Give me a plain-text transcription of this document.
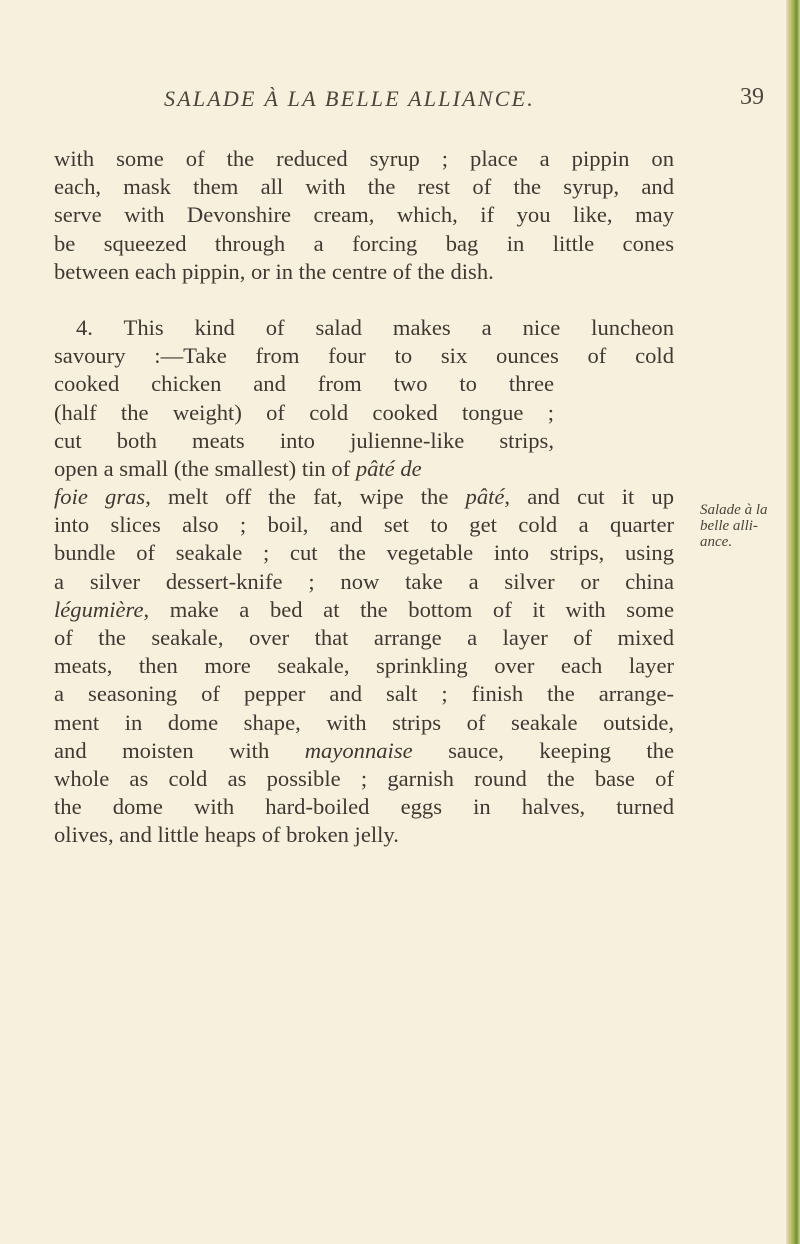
SALADE À LA BELLE ALLIANCE.	39
with some of the reduced syrup ; place a pippin on
each, mask them all with the rest of the syrup, and
serve with Devonshire cream, which, if you like, may
be squeezed through a forcing bag in little cones
between each pippin, or in the centre of the dish.
4. This kind of salad makes a nice luncheon
savoury :—Take from four to six ounces of cold
cooked chicken and from two to three
(half the weight) of cold cooked tongue ;
cut both meats into julienne-like strips,
open a small (the smallest) tin of pâté de
foie gras, melt off the fat, wipe the pâté, and cut it up
into slices also ; boil, and set to get cold a quarter
bundle of seakale ; cut the vegetable into strips, using
a silver dessert-knife ; now take a silver or china
légumière, make a bed at the bottom of it with some
of the seakale, over that arrange a layer of mixed
meats, then more seakale, sprinkling over each layer
a seasoning of pepper and salt ; finish the arrange-
ment in dome shape, with strips of seakale outside,
and moisten with mayonnaise sauce, keeping the
whole as cold as possible ; garnish round the base of
the dome with hard-boiled eggs in halves, turned
olives, and little heaps of broken jelly.
Salade à la
belle alli-
ance.
